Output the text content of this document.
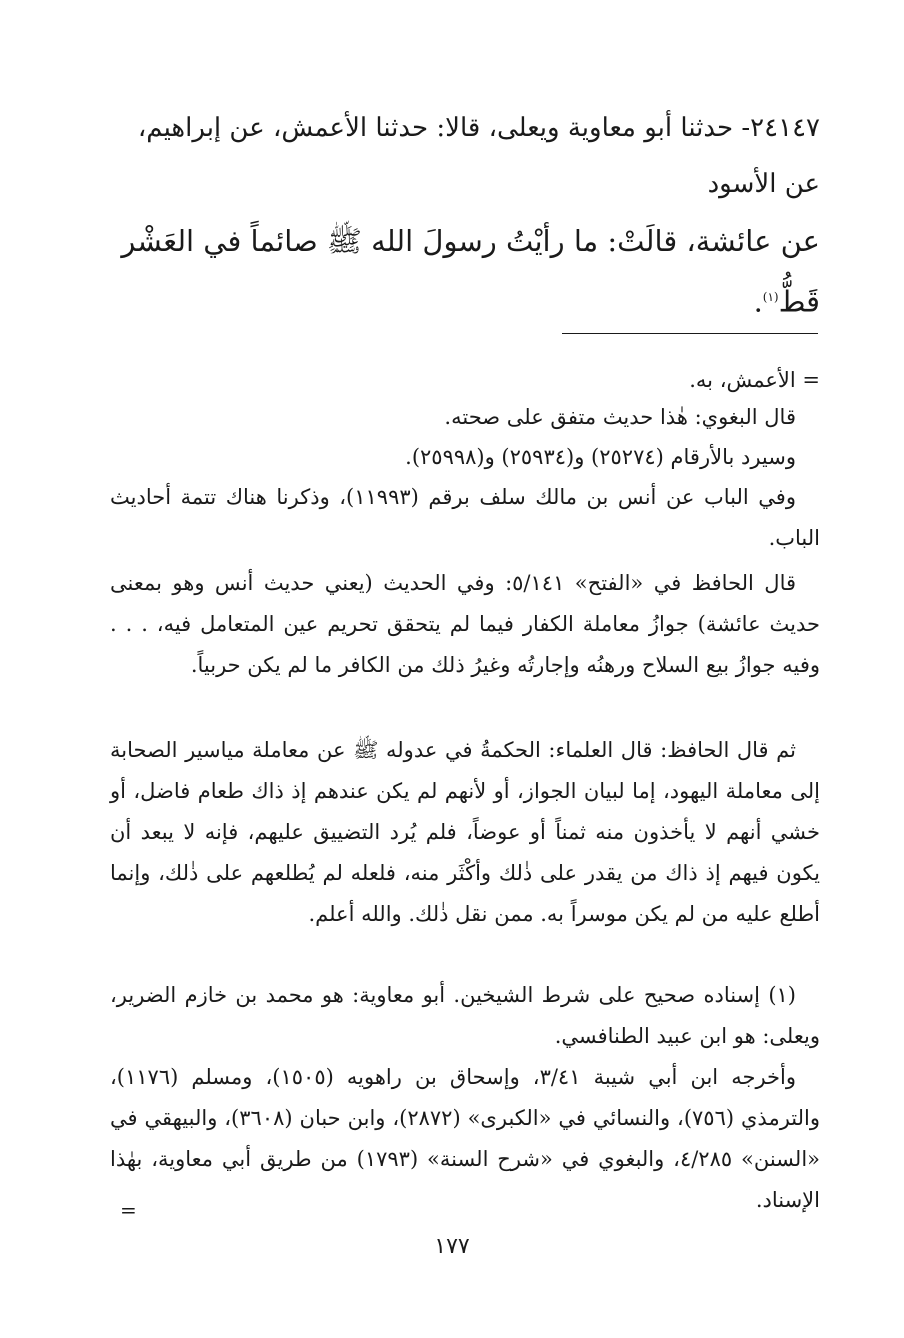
٢٤١٤٧- حدثنا أبو معاوية ويعلى، قالا: حدثنا الأعمش، عن إبراهيم،

عن الأسود

عن عائشة، قالَتْ: ما رأيْتُ رسولَ الله ﷺ صائماً في العَشْر

قَطُّ$^{(١)}$.

= الأعمش، به.

قال البغوي: هٰذا حديث متفق على صحته.

وسيرد بالأرقام (٢٥٢٧٤) و(٢٥٩٣٤) و(٢٥٩٩٨).

وفي الباب عن أنس بن مالك سلف برقم (١١٩٩٣)، وذكرنا هناك تتمة أحاديث الباب.

قال الحافظ في «الفتح» ٥/١٤١: وفي الحديث (يعني حديث أنس وهو بمعنى حديث عائشة) جوازُ معاملة الكفار فيما لم يتحقق تحريم عين المتعامل فيه، . . . وفيه جوازُ بيع السلاح ورهنُه وإجارتُه وغيرُ ذلك من الكافر ما لم يكن حربياً.

ثم قال الحافظ: قال العلماء: الحكمةُ في عدوله ﷺ عن معاملة مياسير الصحابة إلى معاملة اليهود، إما لبيان الجواز، أو لأنهم لم يكن عندهم إذ ذاك طعام فاضل، أو خشي أنهم لا يأخذون منه ثمناً أو عوضاً، فلم يُرد التضييق عليهم، فإنه لا يبعد أن يكون فيهم إذ ذاك من يقدر على ذٰلك وأكْثَر منه، فلعله لم يُطلعهم على ذٰلك، وإنما أطلع عليه من لم يكن موسراً به. ممن نقل ذٰلك. والله أعلم.

(١) إسناده صحيح على شرط الشيخين. أبو معاوية: هو محمد بن خازم الضرير، ويعلى: هو ابن عبيد الطنافسي.

وأخرجه ابن أبي شيبة ٣/٤١، وإسحاق بن راهويه (١٥٠٥)، ومسلم (١١٧٦)، والترمذي (٧٥٦)، والنسائي في «الكبرى» (٢٨٧٢)، وابن حبان (٣٦٠٨)، والبيهقي في «السنن» ٤/٢٨٥، والبغوي في «شرح السنة» (١٧٩٣) من طريق أبي معاوية، بهٰذا الإسناد.

=
١٧٧
